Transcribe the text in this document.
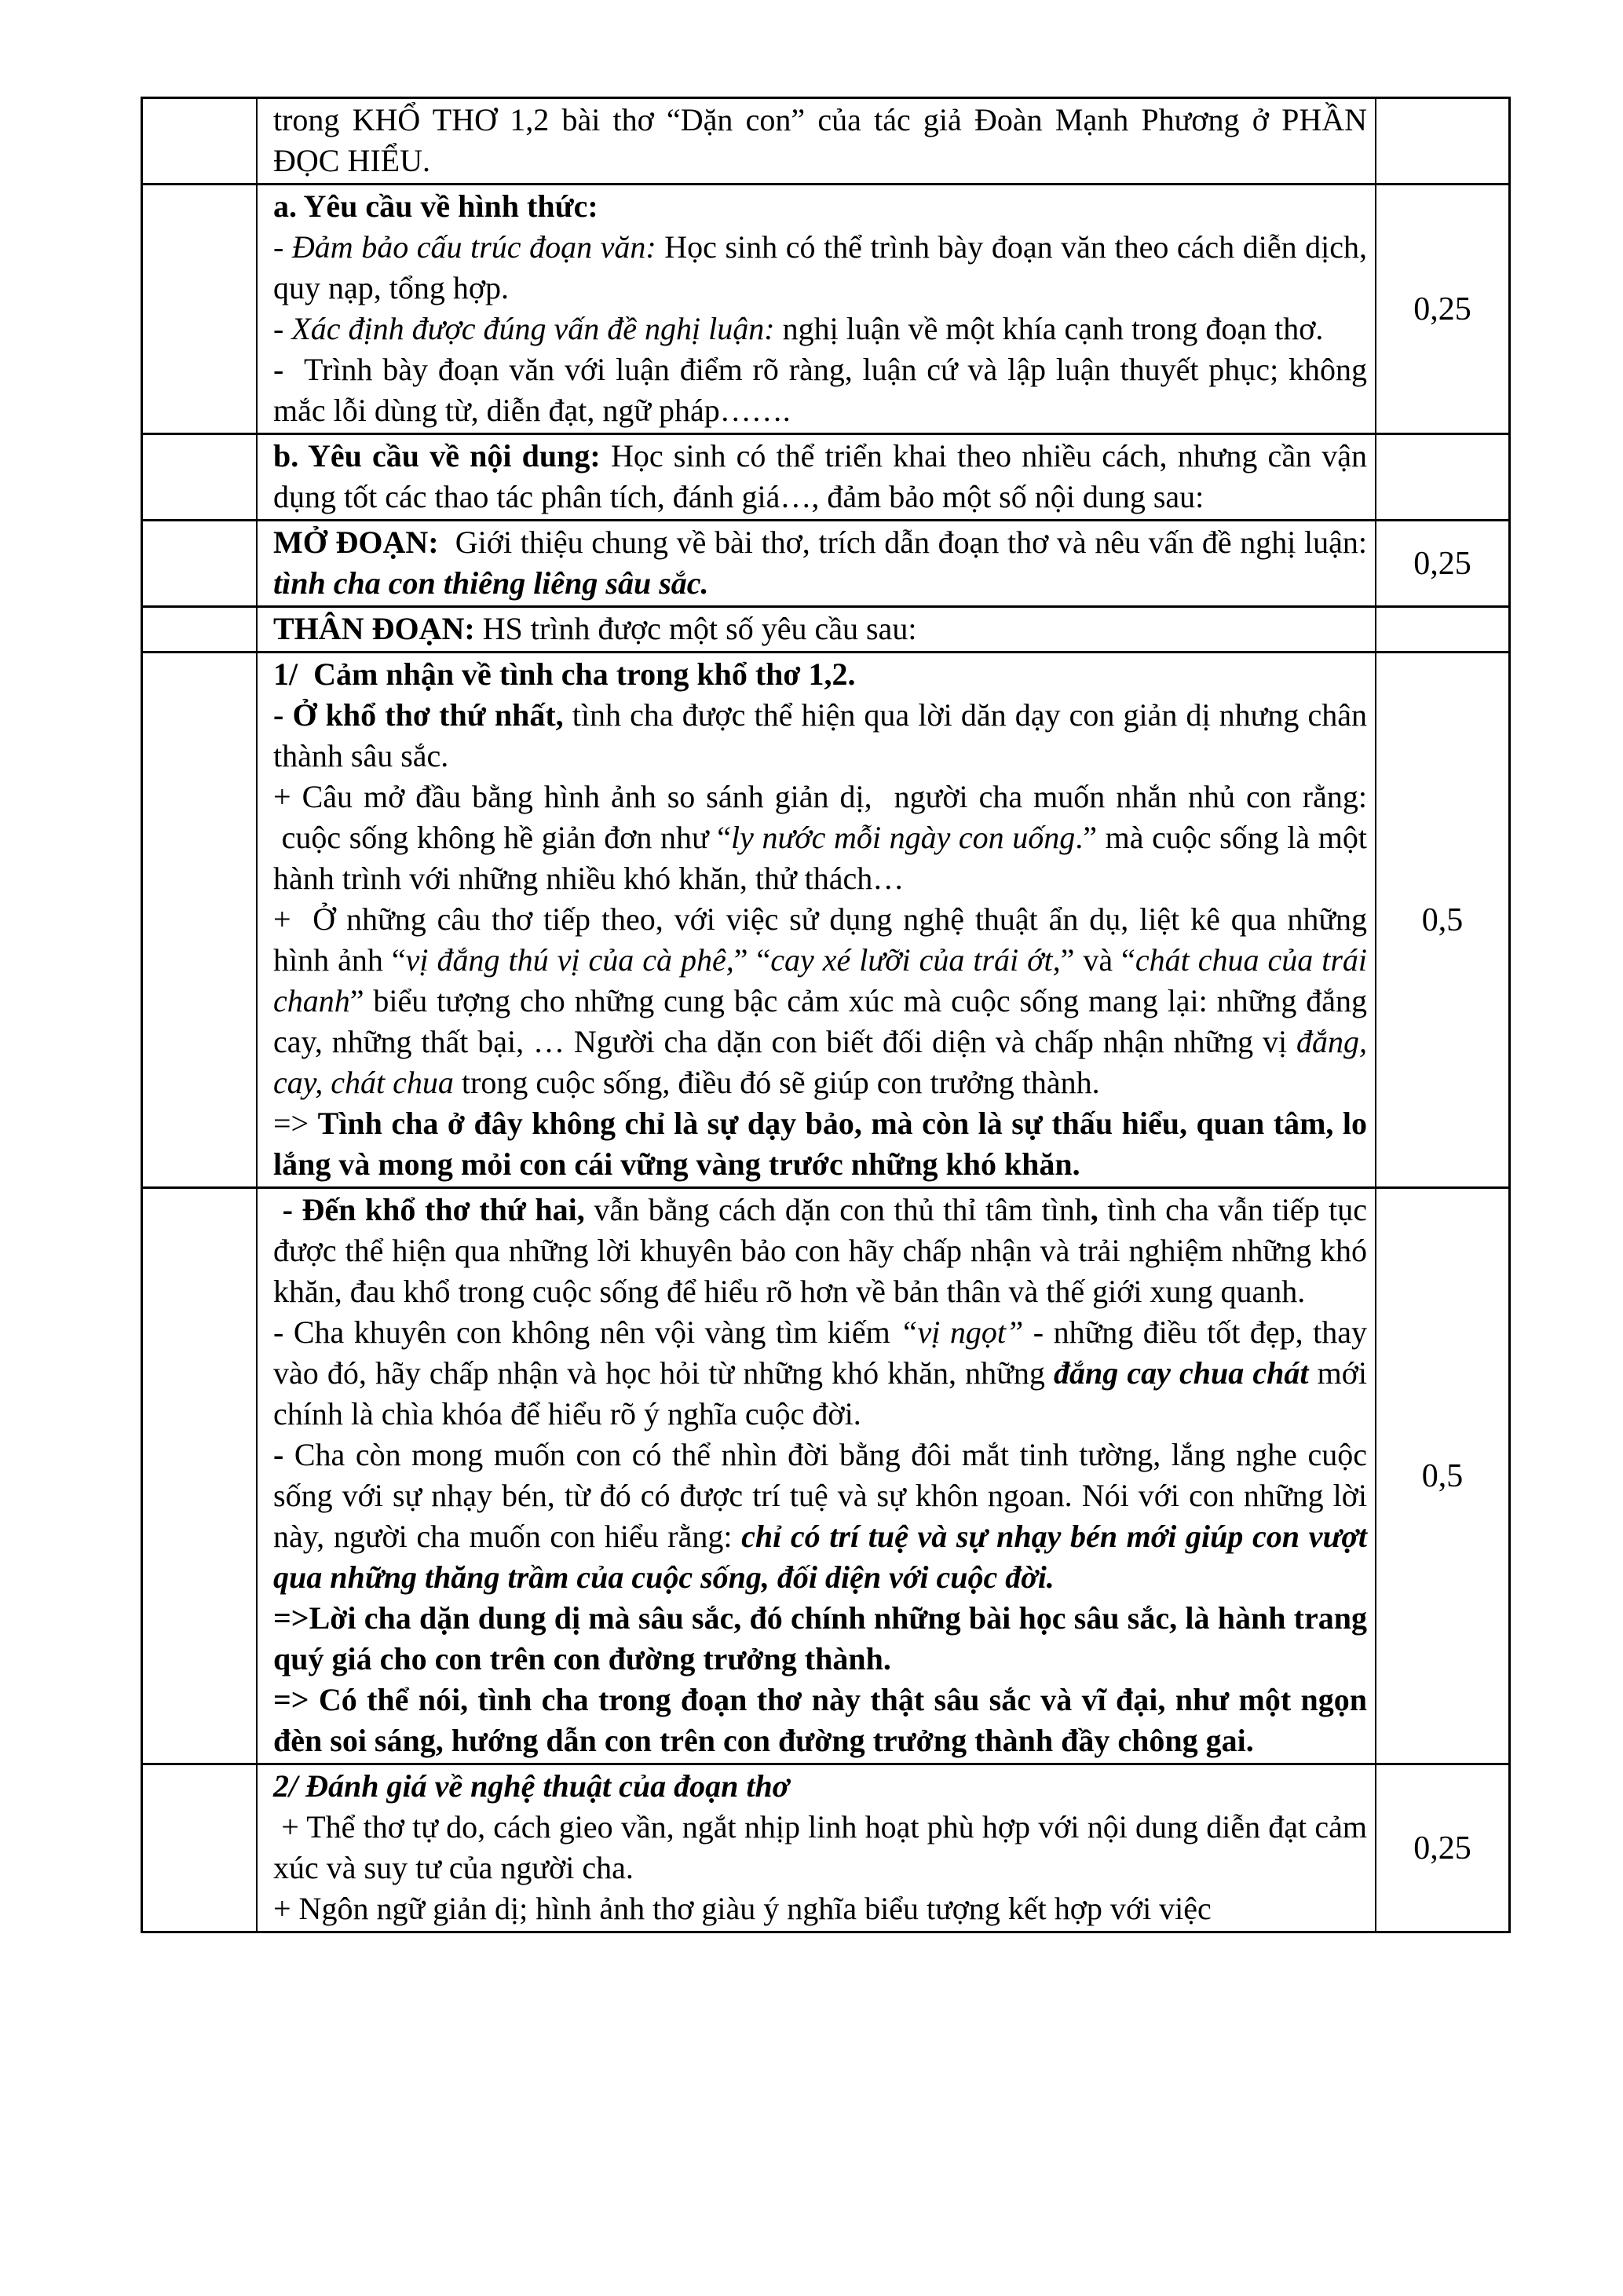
trong KHỔ THƠ 1,2 bài thơ “Dặn con” của tác giả Đoàn Mạnh Phương ở PHẦN ĐỌC HIỂU.
a. Yêu cầu về hình thức:
- Đảm bảo cấu trúc đoạn văn: Học sinh có thể trình bày đoạn văn theo cách diễn dịch, quy nạp, tổng hợp.
- Xác định được đúng vấn đề nghị luận: nghị luận về một khía cạnh trong đoạn thơ.
-  Trình bày đoạn văn với luận điểm rõ ràng, luận cứ và lập luận thuyết phục; không mắc lỗi dùng từ, diễn đạt, ngữ pháp…….
0,25
b. Yêu cầu về nội dung: Học sinh có thể triển khai theo nhiều cách, nhưng cần vận dụng tốt các thao tác phân tích, đánh giá…, đảm bảo một số nội dung sau:
MỞ ĐOẠN:  Giới thiệu chung về bài thơ, trích dẫn đoạn thơ và nêu vấn đề nghị luận: tình cha con thiêng liêng sâu sắc.
0,25
THÂN ĐOẠN: HS trình được một số yêu cầu sau:
1/  Cảm nhận về tình cha trong khổ thơ 1,2.
- Ở khổ thơ thứ nhất, tình cha được thể hiện qua lời dăn dạy con giản dị nhưng chân thành sâu sắc.
+ Câu mở đầu bằng hình ảnh so sánh giản dị,  người cha muốn nhắn nhủ con rằng:  cuộc sống không hề giản đơn như “ly nước mỗi ngày con uống.” mà cuộc sống là một hành trình với những nhiều khó khăn, thử thách…
+  Ở những câu thơ tiếp theo, với việc sử dụng nghệ thuật ẩn dụ, liệt kê qua những hình ảnh “vị đắng thú vị của cà phê,” “cay xé lưỡi của trái ớt,” và “chát chua của trái chanh” biểu tượng cho những cung bậc cảm xúc mà cuộc sống mang lại: những đắng cay, những thất bại, … Người cha dặn con biết đối diện và chấp nhận những vị đắng, cay, chát chua trong cuộc sống, điều đó sẽ giúp con trưởng thành.
=> Tình cha ở đây không chỉ là sự dạy bảo, mà còn là sự thấu hiểu, quan tâm, lo lắng và mong mỏi con cái vững vàng trước những khó khăn.
0,5
- Đến khổ thơ thứ hai, vẫn bằng cách dặn con thủ thỉ tâm tình, tình cha vẫn tiếp tục được thể hiện qua những lời khuyên bảo con hãy chấp nhận và trải nghiệm những khó khăn, đau khổ trong cuộc sống để hiểu rõ hơn về bản thân và thế giới xung quanh.
- Cha khuyên con không nên vội vàng tìm kiếm “vị ngọt” - những điều tốt đẹp, thay vào đó, hãy chấp nhận và học hỏi từ những khó khăn, những đắng cay chua chát mới chính là chìa khóa để hiểu rõ ý nghĩa cuộc đời.
- Cha còn mong muốn con có thể nhìn đời bằng đôi mắt tinh tường, lắng nghe cuộc sống với sự nhạy bén, từ đó có được trí tuệ và sự khôn ngoan. Nói với con những lời này, người cha muốn con hiểu rằng: chỉ có trí tuệ và sự nhạy bén mới giúp con vượt qua những thăng trầm của cuộc sống, đối diện với cuộc đời.
=>Lời cha dặn dung dị mà sâu sắc, đó chính những bài học sâu sắc, là hành trang quý giá cho con trên con đường trưởng thành.
=> Có thể nói, tình cha trong đoạn thơ này thật sâu sắc và vĩ đại, như một ngọn đèn soi sáng, hướng dẫn con trên con đường trưởng thành đầy chông gai.
0,5
2/ Đánh giá về nghệ thuật của đoạn thơ
+ Thể thơ tự do, cách gieo vần, ngắt nhịp linh hoạt phù hợp với nội dung diễn đạt cảm xúc và suy tư của người cha.
+ Ngôn ngữ giản dị; hình ảnh thơ giàu ý nghĩa biểu tượng kết hợp với việc
0,25
